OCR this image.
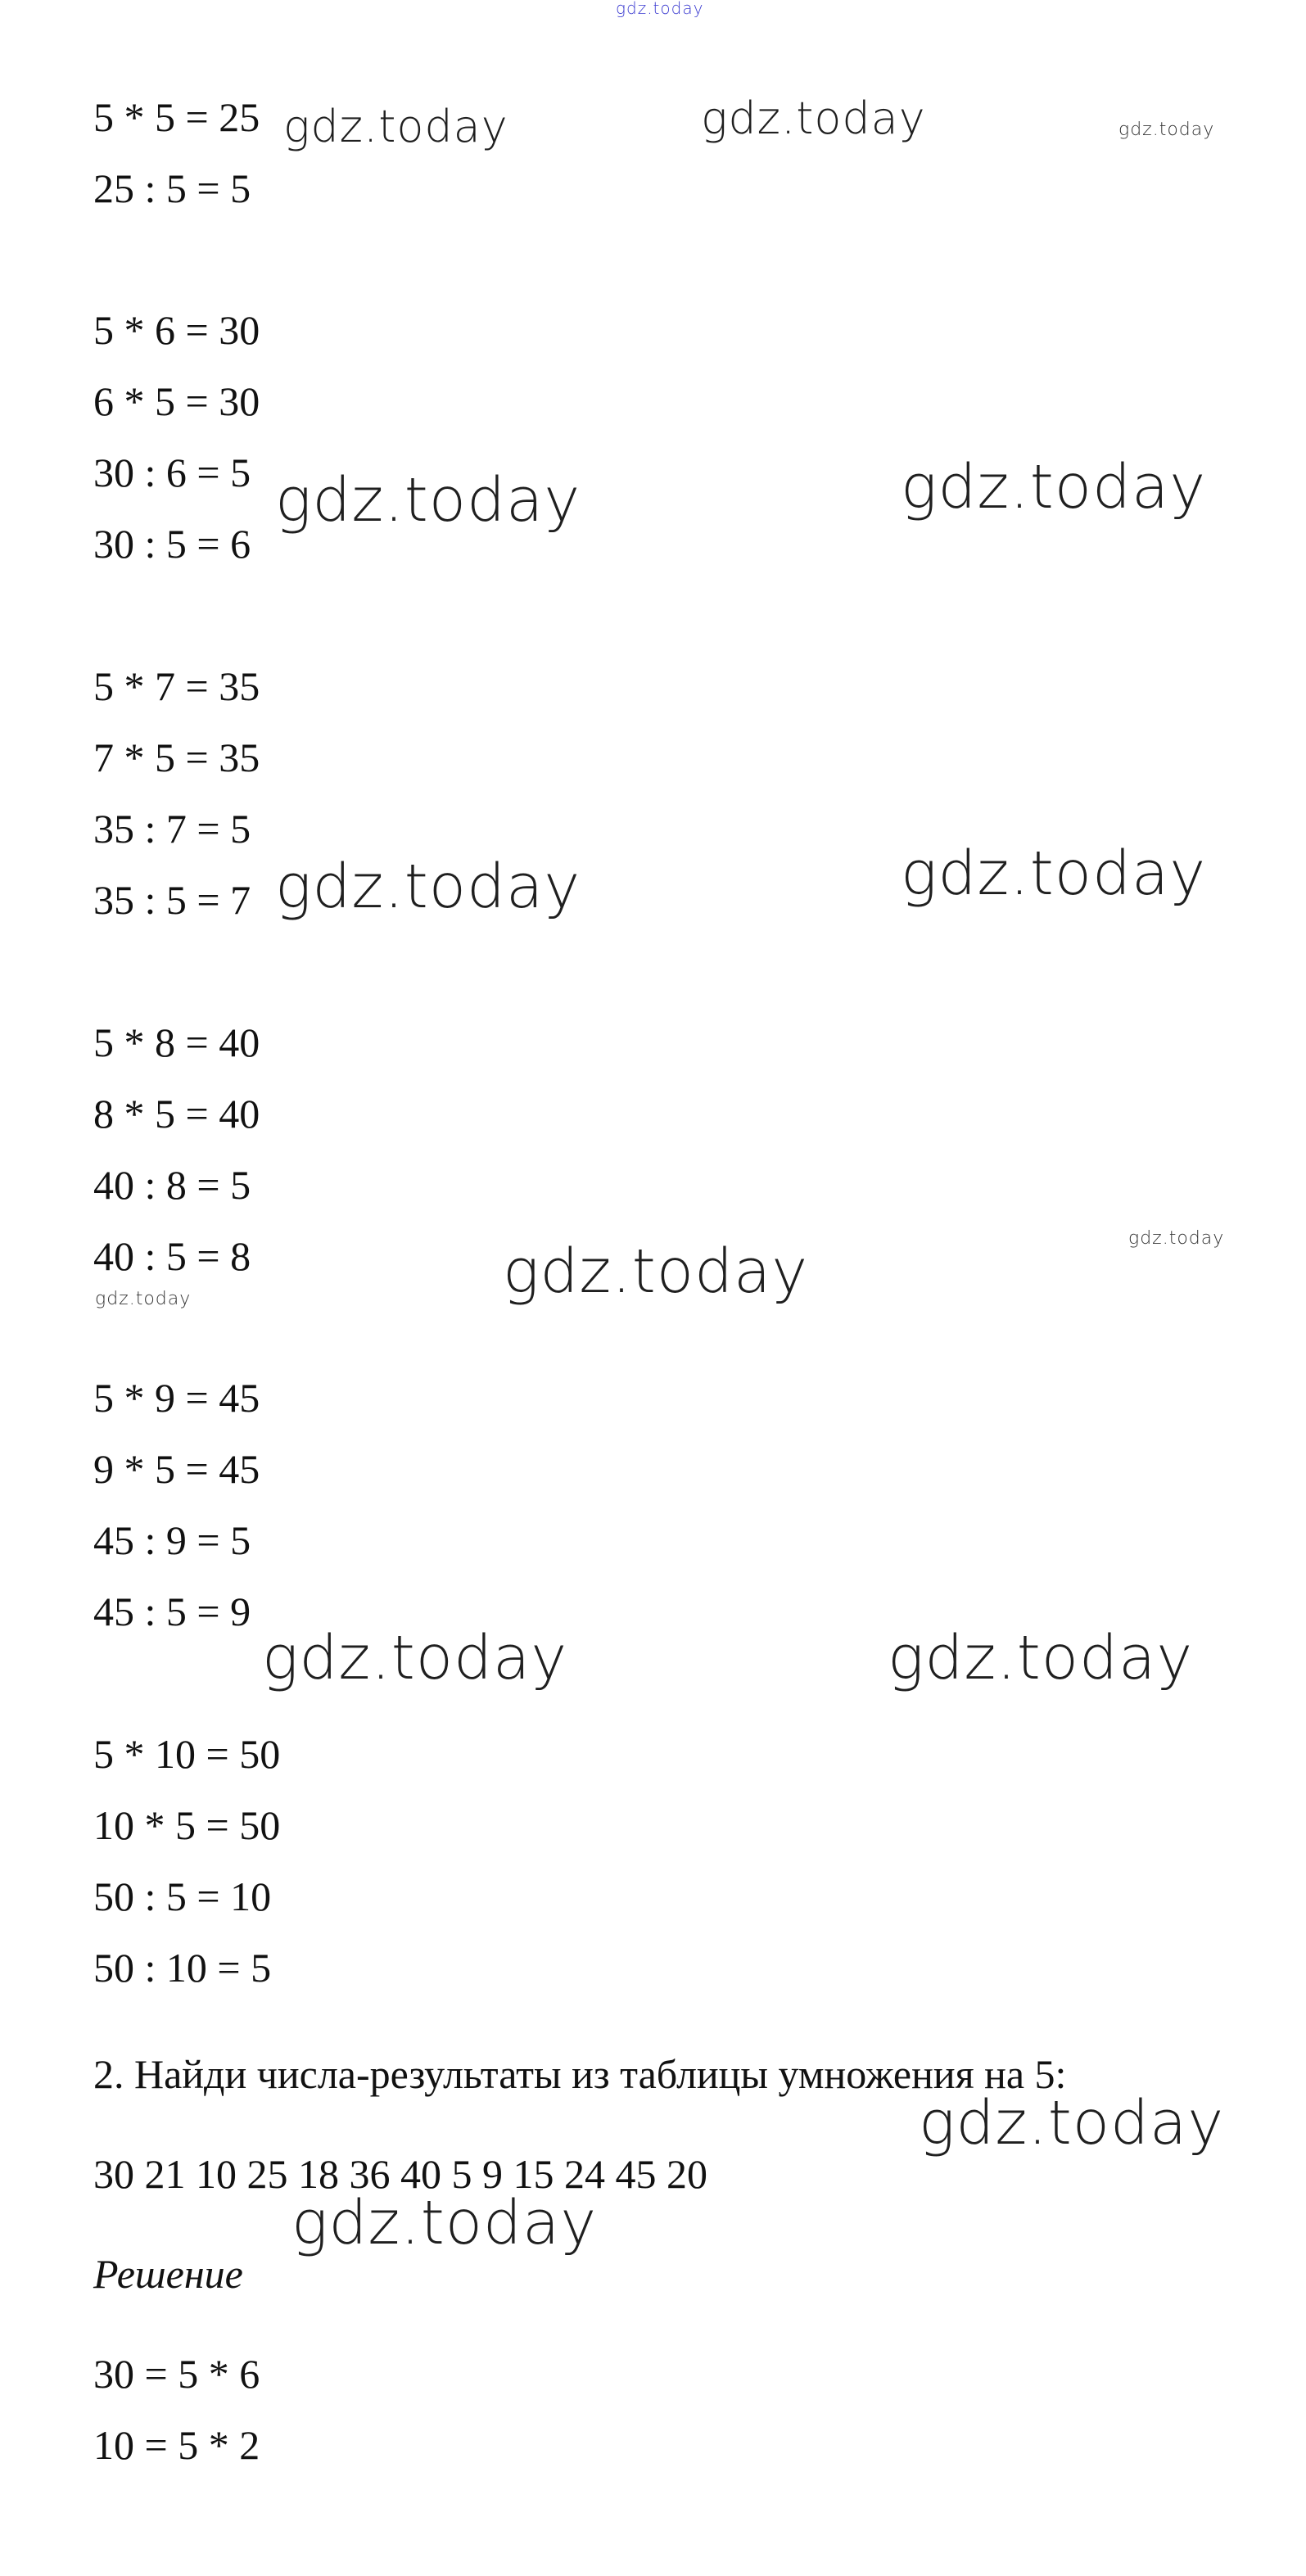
gdz.today
5 * 5 = 25
25 : 5 = 5
5 * 6 = 30
6 * 5 = 30
30 : 6 = 5
30 : 5 = 6
5 * 7 = 35
7 * 5 = 35
35 : 7 = 5
35 : 5 = 7
5 * 8 = 40
8 * 5 = 40
40 : 8 = 5
40 : 5 = 8
5 * 9 = 45
9 * 5 = 45
45 : 9 = 5
45 : 5 = 9
5 * 10 = 50
10 * 5 = 50
50 : 5 = 10
50 : 10 = 5
2. Найди числа-результаты из таблицы умножения на 5:
30 21 10 25 18 36 40 5 9 15 24 45 20
Решение
30 = 5 * 6
10 = 5 * 2
gdz.today	gdz.today	gdz.today
gdz.today	gdz.today
gdz.today	gdz.today
gdz.today	gdz.today
gdz.today
gdz.today	gdz.today
gdz.today
gdz.today
